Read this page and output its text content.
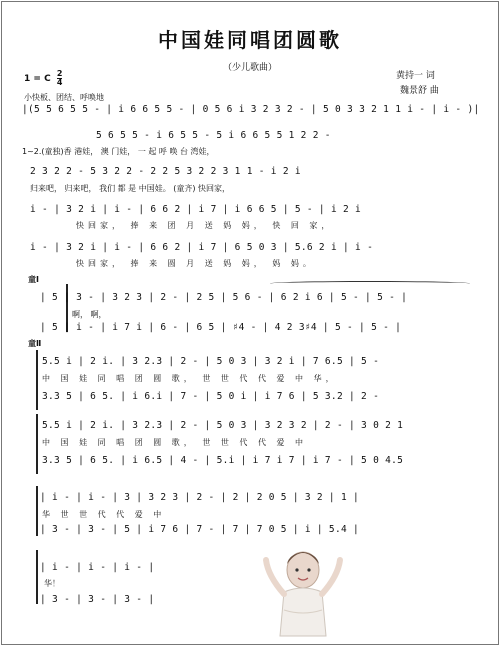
中国娃同唱团圆歌
（少儿歌曲）
黄持一 词
魏景舒 曲
1 = C $\frac{2}{4}$
小快板、团结、呼唤地
|(5 5 6 5 5 - | i 6 6 5 5 - | 0 5 6 i 3 2 3 2 - | 5 0 3 3 2 1 1 i - | i - )|
5 6 5 5 - i 6 5 5 - 5 i 6 6 5 5 1 2 2 -
1~2.(童独)香 港娃， 澳 门娃， 一 起 呼 唤 台 湾娃，
2 3 2 2 - 5 3 2 2 - 2 2 5 3 2 2 3 1 1 - i 2 i
归来吧， 归来吧， 我们 都 是 中国娃。 (童齐) 快回家，
i - | 3 2 i | i - | 6 6 2 | i 7 | i 6 6 5 | 5 - | i 2 i
快回家， 捧 来 团 月 送 妈 妈， 快 回 家，
i - | 3 2 i | i - | 6 6 2 | i 7 | 6 5 0 3 | 5.6 2 i | i -
快回家， 捧 来 圆 月 送 妈 妈， 妈 妈。
童Ⅰ
| 5 | 3 - | 3 2 3 | 2 - | 2 5 | 5 6 - | 6 2 i 6 | 5 - | 5 - |
啊， 啊，
| 5 | i - | i 7 i | 6 - | 6 5 | ♯4 - | 4 2 3♯4 | 5 - | 5 - |
童Ⅱ
5.5 i | 2 i. | 3 2.3 | 2 - | 5 0 3 | 3 2 i | 7 6.5 | 5 -
中 国 娃 同 唱 团 圆 歌， 世 世 代 代 爱 中 华，
3.3 5 | 6 5. | i 6.i | 7 - | 5 0 i | i 7 6 | 5 3.2 | 2 -
5.5 i | 2 i. | 3 2.3 | 2 - | 5 0 3 | 3 2 3 2 | 2 - | 3 0 2 1
中 国 娃 同 唱 团 圆 歌， 世 世 代 代 爱 中
3.3 5 | 6 5. | i 6.5 | 4 - | 5.i | i 7 i 7 | i 7 - | 5 0 4.5
| i - | i - | 3 | 3 2 3 | 2 - | 2 | 2 0 5 | 3 2 | 1 |
华 世 世 代 代 爱 中
| 3 - | 3 - | 5 | i 7 6 | 7 - | 7 | 7 0 5 | i | 5.4 |
| i - | i - | i - |
华！
| 3 - | 3 - | 3 - |
